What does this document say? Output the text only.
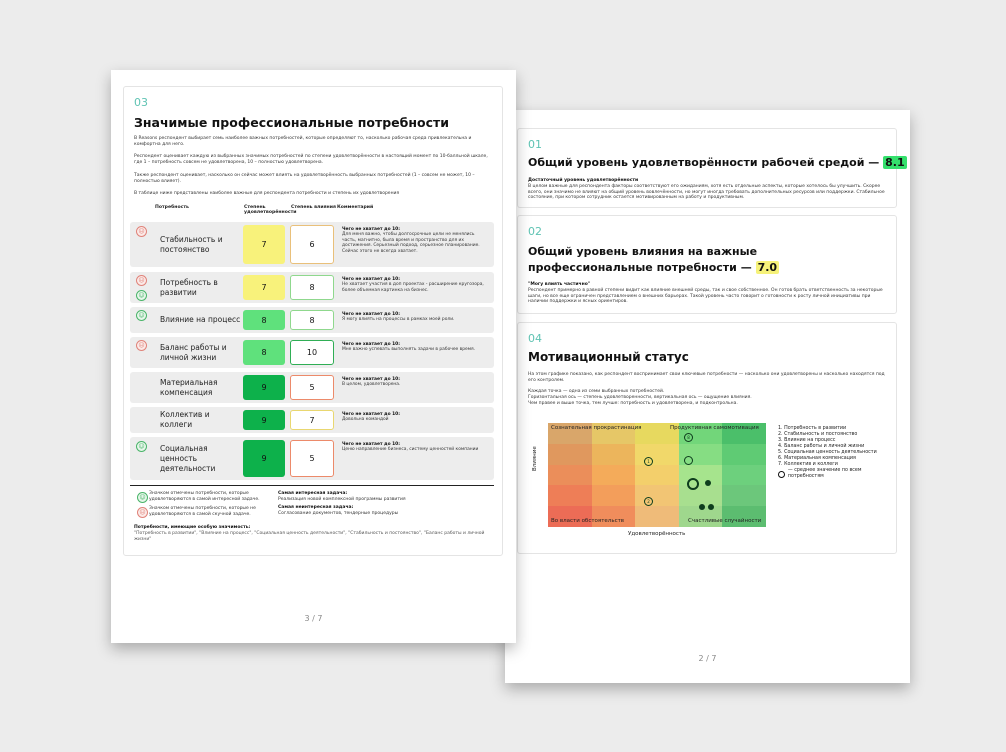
01
Общий уровень удовлетворённости рабочей средой — 8.1
Достаточный уровень удовлетворённости
В целом важные для респондента факторы соответствуют его ожиданиям, хотя есть отдельные аспекты, которые хотелось бы улучшить. Скорее всего, они значимо не влияют на общий уровень вовлечённости, но могут иногда требовать дополнительных ресурсов или поддержки. Стабильное состояние, при котором сотрудник остается мотивированным на работу и продуктивным.
02
Общий уровень влияния на важные профессиональные потребности — 7.0
"Могу влиять частично"
Респондент примерно в равной степени видит как влияние внешней среды, так и свое собственное. Он готов брать ответственность за некоторые шаги, но все еще ограничен представлением о внешних барьерах. Такой уровень часто говорит о готовности к росту личной инициативы при наличии поддержки и ясных ориентиров.
04
Мотивационный статус
На этом графике показано, как респондент воспринимает свои ключевые потребности — насколько они удовлетворены и насколько находятся под его контролем.
Каждая точка — одна из семи выбранных потребностей.
Горизонтальная ось — степень удовлетворенности, вертикальная ось — ощущение влияния.
Чем правее и выше точка, тем лучше: потребность и удовлетворена, и подконтрольна.
Сознательная прокрастинация	Продуктивная самомотивация
Во власти обстоятельств	Счастливые случайности
Удовлетворённость
Влияние	1
8
2
1. Потребность в развитии
2. Стабильность и постоянство
3. Влияние на процесс
4. Баланс работы и личной жизни
5. Социальная ценность деятельности
6. Материальная компенсация
7. Коллектив и коллеги
— среднее значение по всем потребностям
2 / 7
03
Значимые профессиональные потребности
В Reasons респондент выбирает семь наиболее важных потребностей, которые определяют то, насколько рабочая среда привлекательна и комфортна для него.
Респондент оценивает каждую из выбранных значимых потребностей по степени удовлетворённости в настоящий момент по 10-балльной шкале, где 1 – потребность совсем не удовлетворена, 10 – полностью удовлетворена.
Также респондент оценивает, насколько он сейчас может влиять на удовлетворённость выбранных потребностей (1 – совсем не может, 10 – полностью влияет).
В таблице ниже представлены наиболее важные для респондента потребности и степень их удовлетворения
Потребность	Степень удовлетворённости
Степень влияния Комментарий
☹
Стабильность и постоянство	7	6
Чего не хватает до 10:
Для меня важно, чтобы долгосрочные цели не менялись часть, магнитно, была время и пространство для их достижения. Серьезный подход, серьезное планирование. Сейчас этого не всегда хватает.
☹
☺
Потребность в развитии	7	8
Чего не хватает до 10:
Не хватает участия в доп проектах - расширение кругозора, более объемная картинка на бизнес.
☺	Влияние на процесс	8	8
Чего не хватает до 10:
Я могу влиять на процессы в рамках моей роли.
☹	Баланс работы и личной жизни	8	10
Чего не хватает до 10:
Мне важно успевать выполнять задачи в рабочее время.
Материальная компенсация	9	5
Чего не хватает до 10:
В целом, удовлетворена.
Коллектив и коллеги	9	7
Чего не хватает до 10:
Довольна командой
☺	Социальная ценность деятельности
9	5
Чего не хватает до 10:
Ценю направление бизнеса, систему ценностей компании
☺ Значком отмечены потребности, которые удовлетворяются в самой интересной задаче.
☹ Значком отмечены потребности, которые не удовлетворяются в самой скучной задаче.
Самая интересная задача:
Реализация новой комплексной программы развития
Самая неинтересная задача:
Согласование документов, тендерные процедуры
Потребности, имеющие особую значимость:
"Потребность в развитии", "Влияние на процесс", "Социальная ценность деятельности", "Стабильность и постоянство", "Баланс работы и личной жизни"
3 / 7
